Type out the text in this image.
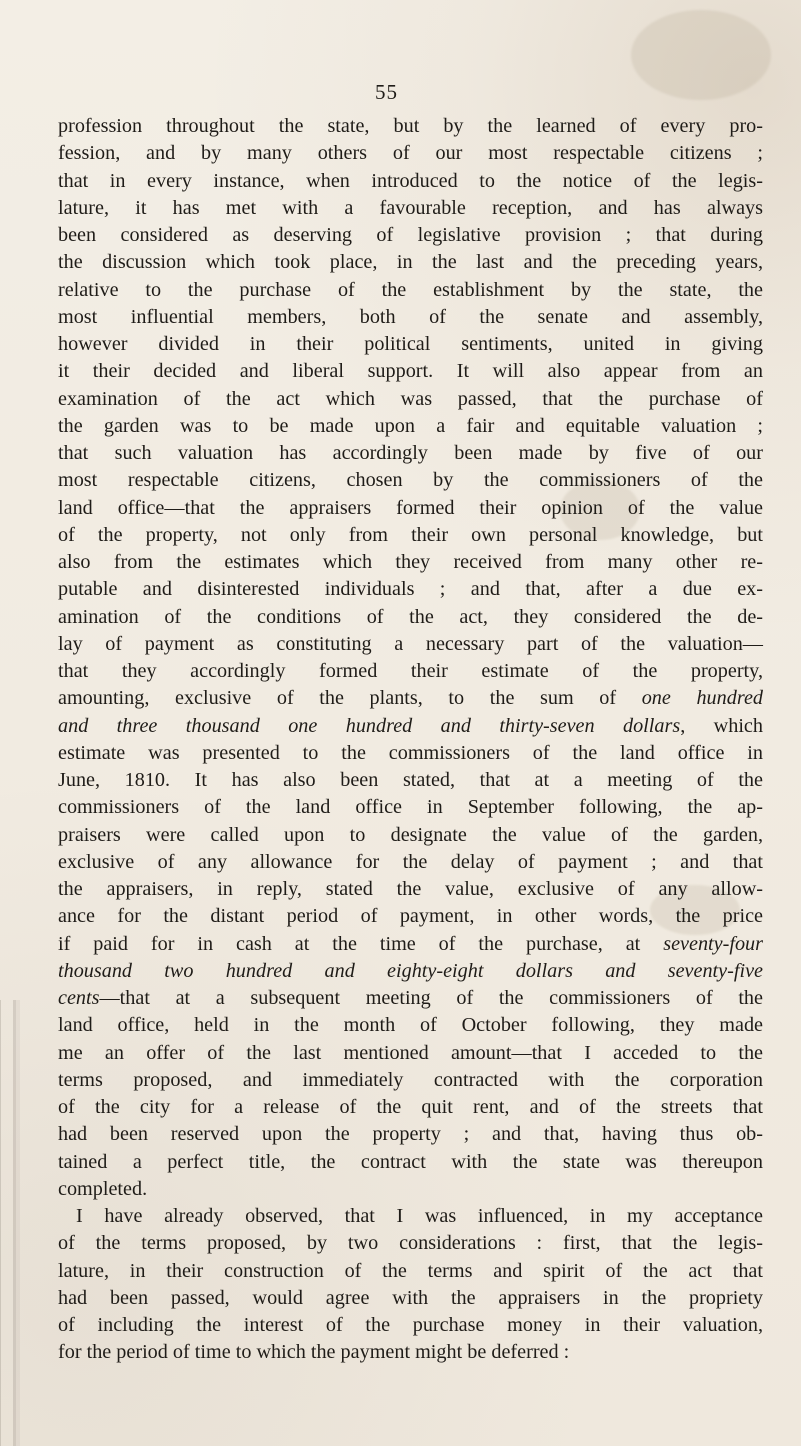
55
profession throughout the state, but by the learned of every pro-
fession, and by many others of our most respectable citizens ;
that in every instance, when introduced to the notice of the legis-
lature, it has met with a favourable reception, and has always
been considered as deserving of legislative provision ; that during
the discussion which took place, in the last and the preceding years,
relative to the purchase of the establishment by the state, the
most influential members, both of the senate and assembly,
however divided in their political sentiments, united in giving
it their decided and liberal support. It will also appear from an
examination of the act which was passed, that the purchase of
the garden was to be made upon a fair and equitable valuation ;
that such valuation has accordingly been made by five of our
most respectable citizens, chosen by the commissioners of the
land office—that the appraisers formed their opinion of the value
of the property, not only from their own personal knowledge, but
also from the estimates which they received from many other re-
putable and disinterested individuals ; and that, after a due ex-
amination of the conditions of the act, they considered the de-
lay of payment as constituting a necessary part of the valuation—
that they accordingly formed their estimate of the property,
amounting, exclusive of the plants, to the sum of one hundred
and three thousand one hundred and thirty-seven dollars, which
estimate was presented to the commissioners of the land office in
June, 1810. It has also been stated, that at a meeting of the
commissioners of the land office in September following, the ap-
praisers were called upon to designate the value of the garden,
exclusive of any allowance for the delay of payment ; and that
the appraisers, in reply, stated the value, exclusive of any allow-
ance for the distant period of payment, in other words, the price
if paid for in cash at the time of the purchase, at seventy-four
thousand two hundred and eighty-eight dollars and seventy-five
cents—that at a subsequent meeting of the commissioners of the
land office, held in the month of October following, they made
me an offer of the last mentioned amount—that I acceded to the
terms proposed, and immediately contracted with the corporation
of the city for a release of the quit rent, and of the streets that
had been reserved upon the property ; and that, having thus ob-
tained a perfect title, the contract with the state was thereupon
completed.
I have already observed, that I was influenced, in my acceptance
of the terms proposed, by two considerations : first, that the legis-
lature, in their construction of the terms and spirit of the act that
had been passed, would agree with the appraisers in the propriety
of including the interest of the purchase money in their valuation,
for the period of time to which the payment might be deferred :
